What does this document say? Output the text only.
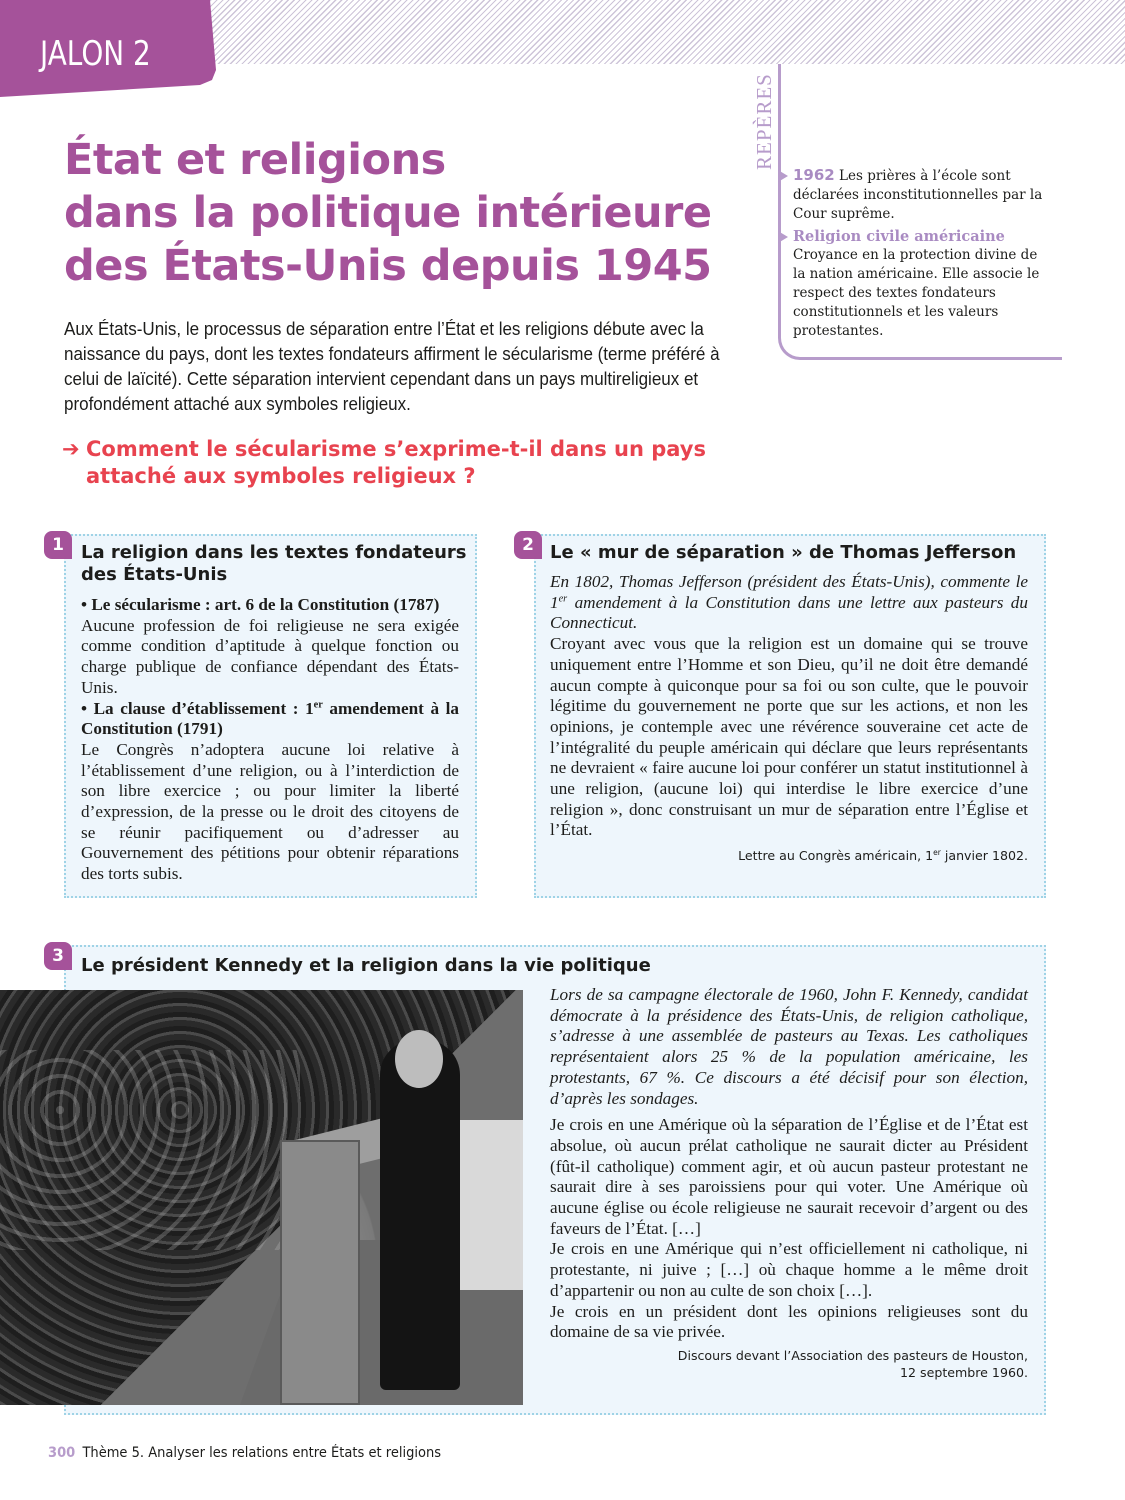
JALON 2
État et religions
dans la politique intérieure
des États-Unis depuis 1945

Aux États-Unis, le processus de séparation entre l’État et les religions débute avec la naissance du pays, dont les textes fondateurs affirment le sécularisme (terme préféré à celui de laïcité). Cette séparation intervient cependant dans un pays multireligieux et profondément attaché aux symboles religieux.

➔ Comment le sécularisme s’exprime-t-il dans un pays
attaché aux symboles religieux ?
REPÈRES
1962 Les prières à l’école sont déclarées inconstitutionnelles par la Cour suprême.
Religion civile américaine
Croyance en la protection divine de la nation américaine. Elle associe le respect des textes fondateurs constitutionnels et les valeurs protestantes.
1 La religion dans les textes fondateurs
des États-Unis
• Le sécularisme : art. 6 de la Constitution (1787)
Aucune profession de foi religieuse ne sera exigée comme condition d’aptitude à quelque fonction ou charge publique de confiance dépendant des États-Unis.
• La clause d’établissement : 1er amendement à la Constitution (1791)
Le Congrès n’adoptera aucune loi relative à l’établissement d’une religion, ou à l’interdiction de son libre exercice ; ou pour limiter la liberté d’expression, de la presse ou le droit des citoyens de se réunir pacifiquement ou d’adresser au Gouvernement des pétitions pour obtenir réparations des torts subis.
2 Le « mur de séparation » de Thomas Jefferson
En 1802, Thomas Jefferson (président des États-Unis), commente le 1er amendement à la Constitution dans une lettre aux pasteurs du Connecticut.
Croyant avec vous que la religion est un domaine qui se trouve uniquement entre l’Homme et son Dieu, qu’il ne doit être demandé aucun compte à quiconque pour sa foi ou son culte, que le pouvoir légitime du gouvernement ne porte que sur les actions, et non les opinions, je contemple avec une révérence souveraine cet acte de l’intégralité du peuple américain qui déclare que leurs représentants ne devraient « faire aucune loi pour conférer un statut institutionnel à une religion, (aucune loi) qui interdise le libre exercice d’une religion », donc construisant un mur de séparation entre l’Église et l’État.
Lettre au Congrès américain, 1er janvier 1802.
3 Le président Kennedy et la religion dans la vie politique
Lors de sa campagne électorale de 1960, John F. Kennedy, candidat démocrate à la présidence des États-Unis, de religion catholique, s’adresse à une assemblée de pasteurs au Texas. Les catholiques représentaient alors 25 % de la population américaine, les protestants, 67 %. Ce discours a été décisif pour son élection, d’après les sondages.
Je crois en une Amérique où la séparation de l’Église et de l’État est absolue, où aucun prélat catholique ne saurait dicter au Président (fût-il catholique) comment agir, et où aucun pasteur protestant ne saurait dire à ses paroissiens pour qui voter. Une Amérique où aucune église ou école religieuse ne saurait recevoir d’argent ou des faveurs de l’État. […]
Je crois en une Amérique qui n’est officiellement ni catholique, ni protestante, ni juive ; […] où chaque homme a le même droit d’appartenir ou non au culte de son choix […].
Je crois en un président dont les opinions religieuses sont du domaine de sa vie privée.
Discours devant l’Association des pasteurs de Houston,
12 septembre 1960.
300 Thème 5. Analyser les relations entre États et religions
